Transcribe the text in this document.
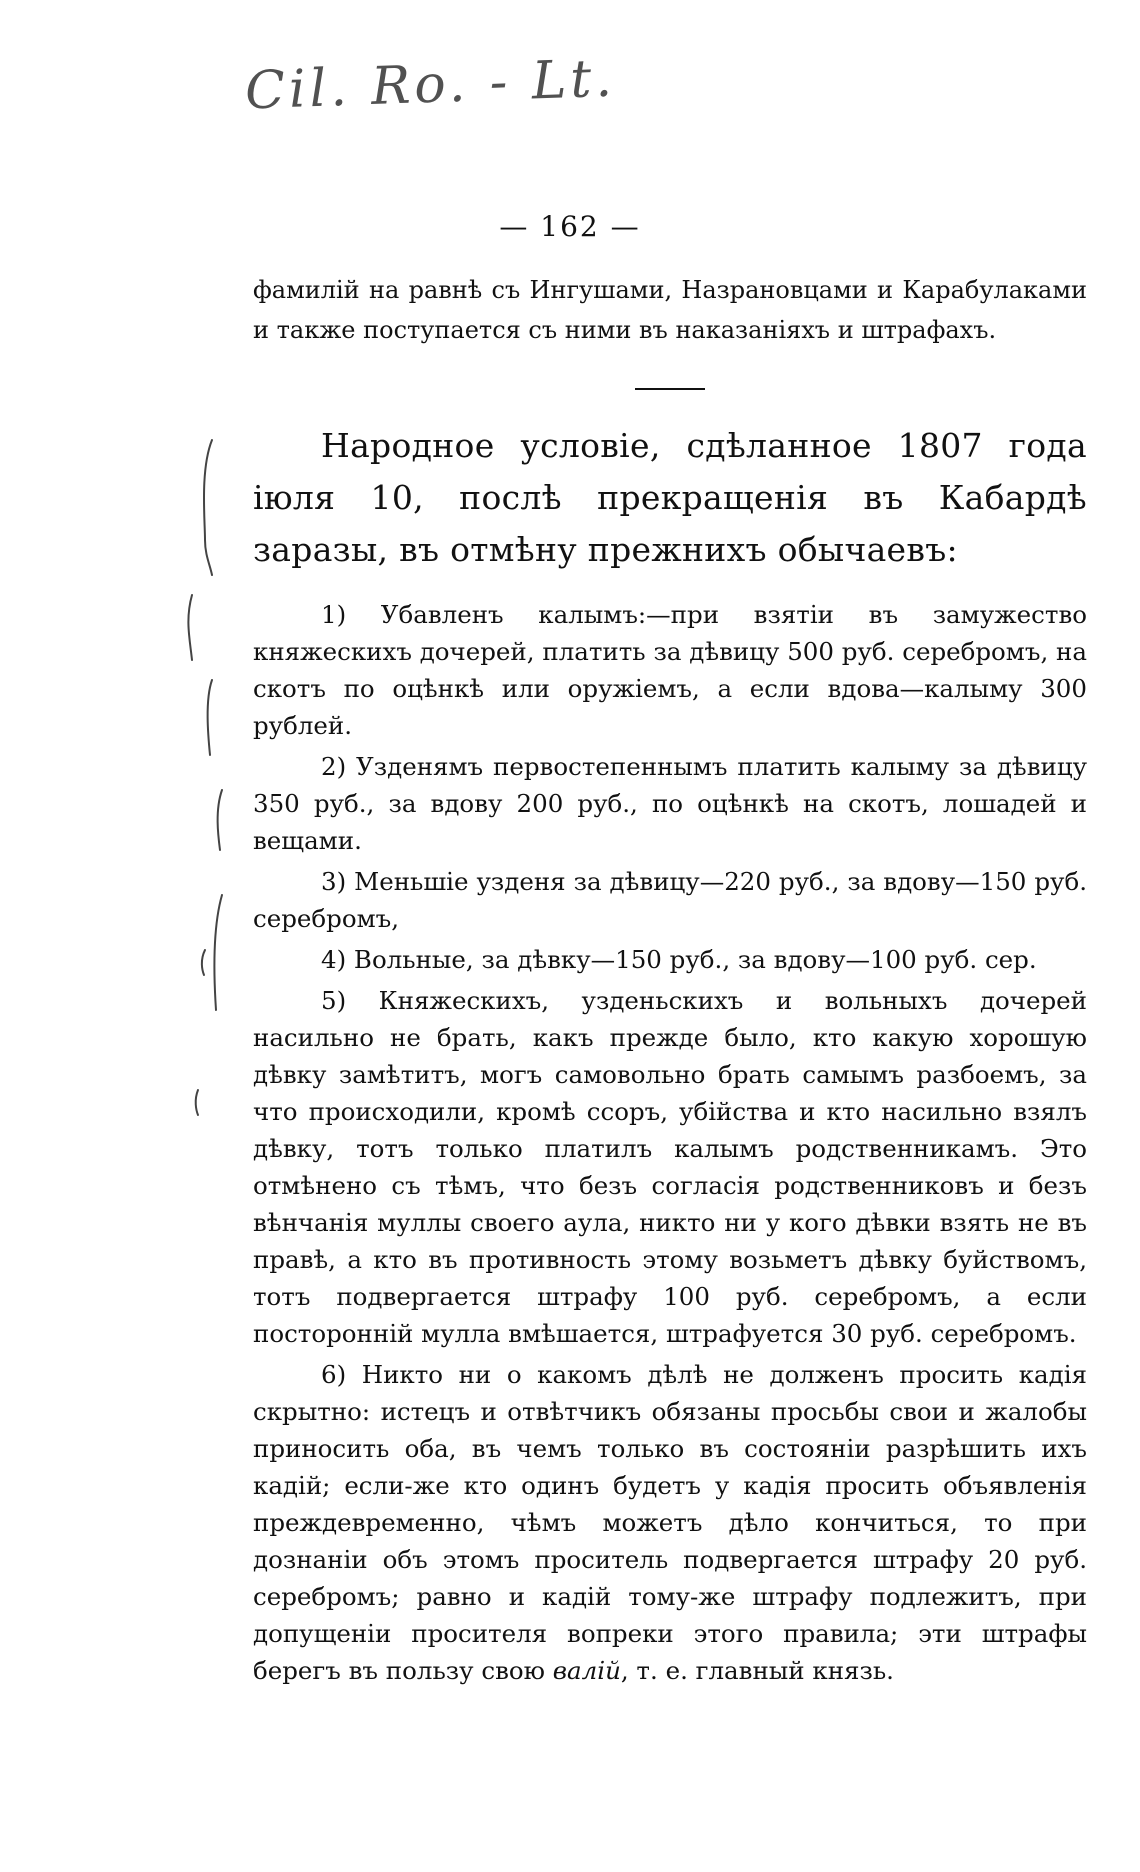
Cil. Ro. - Lt.
— 162 —

фамилій на равнѣ съ Ингушами, Назрановцами и Карабулаками и также поступается съ ними въ наказаніяхъ и штрафахъ.

Народное условіе, сдѣланное 1807 года іюля 10, послѣ прекращенія въ Кабардѣ заразы, въ отмѣну прежнихъ обычаевъ:

1) Убавленъ калымъ:—при взятіи въ замужество княжескихъ дочерей, платить за дѣвицу 500 руб. серебромъ, на скотъ по оцѣнкѣ или оружіемъ, а если вдова—калыму 300 рублей.

2) Узденямъ первостепеннымъ платить калыму за дѣвицу 350 руб., за вдову 200 руб., по оцѣнкѣ на скотъ, лошадей и вещами.

3) Меньшіе узденя за дѣвицу—220 руб., за вдову—150 руб. серебромъ,

4) Вольные, за дѣвку—150 руб., за вдову—100 руб. сер.

5) Княжескихъ, узденьскихъ и вольныхъ дочерей насильно не брать, какъ прежде было, кто какую хорошую дѣвку замѣтитъ, могъ самовольно брать самымъ разбоемъ, за что происходили, кромѣ ссоръ, убійства и кто насильно взялъ дѣвку, тотъ только платилъ калымъ родственникамъ. Это отмѣнено съ тѣмъ, что безъ согласія родственниковъ и безъ вѣнчанія муллы своего аула, никто ни у кого дѣвки взять не въ правѣ, а кто въ противность этому возьметъ дѣвку буйствомъ, тотъ подвергается штрафу 100 руб. серебромъ, а если посторонній мулла вмѣшается, штрафуется 30 руб. серебромъ.

6) Никто ни о какомъ дѣлѣ не долженъ просить кадія скрытно: истецъ и отвѣтчикъ обязаны просьбы свои и жалобы приносить оба, въ чемъ только въ состояніи разрѣшить ихъ кадій; если-же кто одинъ будетъ у кадія просить объявленія преждевременно, чѣмъ можетъ дѣло кончиться, то при дознаніи объ этомъ проситель подвергается штрафу 20 руб. серебромъ; равно и кадій тому-же штрафу подлежитъ, при допущеніи просителя вопреки этого правила; эти штрафы берегъ въ пользу свою валій, т. е. главный князь.
